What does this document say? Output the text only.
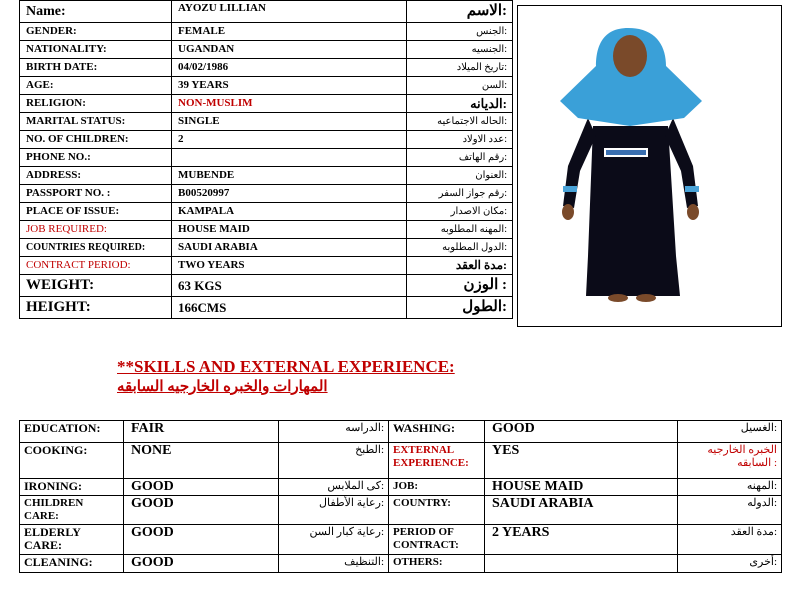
Name:	AYOZU LILLIAN	الاسم:
GENDER:	FEMALE	الجنس:
NATIONALITY:	UGANDAN	الجنسيه:
BIRTH DATE:	04/02/1986	تاريخ الميلاد:
AGE:	39 YEARS	السن:
RELIGION:	NON-MUSLIM	الديانه:
MARITAL STATUS:	SINGLE	الحاله الاجتماعيه:
NO. OF CHILDREN:	2	عدد الاولاد:
PHONE NO.:		رقم الهاتف:
ADDRESS:	MUBENDE	العنوان:
PASSPORT NO. :	B00520997	رقم جواز السفر:
PLACE OF ISSUE:	KAMPALA	مكان الاصدار:
JOB REQUIRED:	HOUSE MAID	المهنه المطلوبه:
COUNTRIES REQUIRED:	SAUDI ARABIA	الدول المطلوبه:
CONTRACT PERIOD:	TWO YEARS	مدة العقد:
WEIGHT:	63 KGS	الوزن :
HEIGHT:	166CMS	الطول:
**SKILLS AND EXTERNAL EXPERIENCE:
المهارات والخبره الخارجيه السابقه
EDUCATION:	FAIR	الدراسه:	WASHING:	GOOD	الغسيل:
COOKING:	NONE	الطبخ:	EXTERNAL EXPERIENCE:	YES	الخبره الخارجيه السابقه :
IRONING:	GOOD	كى الملابس:	JOB:	HOUSE MAID	المهنه:
CHILDREN CARE:	GOOD	رعاية الأطفال:	COUNTRY:	SAUDI ARABIA	الدوله:
ELDERLY CARE:	GOOD	رعاية كبار السن:	PERIOD OF CONTRACT:	2 YEARS	مدة العقد:
CLEANING:	GOOD	التنظيف:	OTHERS:		أخرى:
